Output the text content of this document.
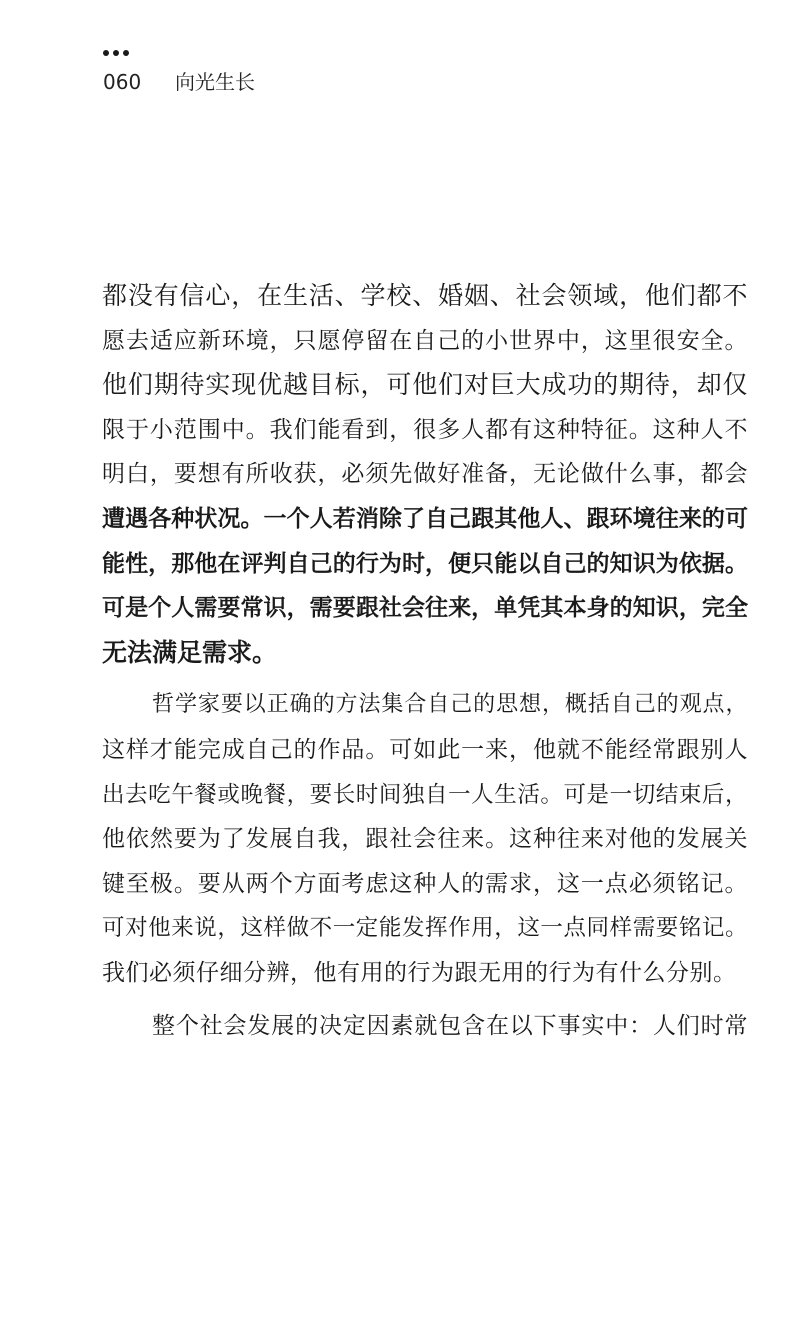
060	向光生长
都没有信心，在生活、学校、婚姻、社会领域，他们都不
愿去适应新环境，只愿停留在自己的小世界中，这里很安全。
他们期待实现优越目标，可他们对巨大成功的期待，却仅
限于小范围中。我们能看到，很多人都有这种特征。这种人不
明白，要想有所收获，必须先做好准备，无论做什么事，都会
遭遇各种状况。一个人若消除了自己跟其他人、跟环境往来的可
能性，那他在评判自己的行为时，便只能以自己的知识为依据。
可是个人需要常识，需要跟社会往来，单凭其本身的知识，完全
无法满足需求。
哲学家要以正确的方法集合自己的思想，概括自己的观点，
这样才能完成自己的作品。可如此一来，他就不能经常跟别人
出去吃午餐或晚餐，要长时间独自一人生活。可是一切结束后，
他依然要为了发展自我，跟社会往来。这种往来对他的发展关
键至极。要从两个方面考虑这种人的需求，这一点必须铭记。
可对他来说，这样做不一定能发挥作用，这一点同样需要铭记。
我们必须仔细分辨，他有用的行为跟无用的行为有什么分别。
整个社会发展的决定因素就包含在以下事实中：人们时常
